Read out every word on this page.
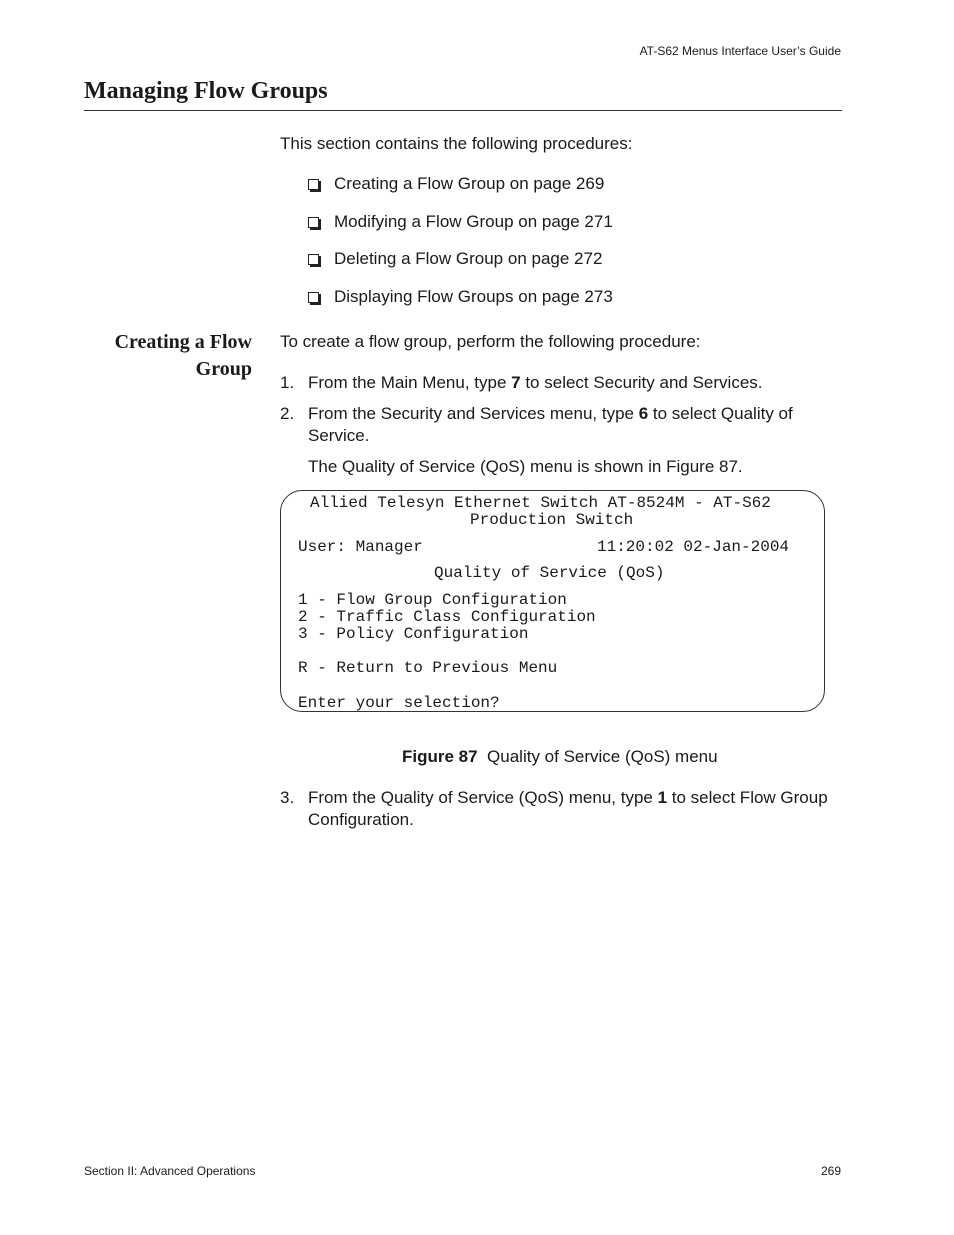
AT-S62 Menus Interface User’s Guide
Managing Flow Groups
This section contains the following procedures:
Creating a Flow Group on page 269
Modifying a Flow Group on page 271
Deleting a Flow Group on page 272
Displaying Flow Groups on page 273
Creating a Flow
Group
To create a flow group, perform the following procedure:
1. From the Main Menu, type 7 to select Security and Services.
2. From the Security and Services menu, type 6 to select Quality of Service.
The Quality of Service (QoS) menu is shown in Figure 87.
Allied Telesyn Ethernet Switch AT-8524M - AT-S62
Production Switch
User: Manager	11:20:02 02-Jan-2004
Quality of Service (QoS)
1 - Flow Group Configuration
2 - Traffic Class Configuration
3 - Policy Configuration
R - Return to Previous Menu
Enter your selection?
Figure 87 Quality of Service (QoS) menu
3. From the Quality of Service (QoS) menu, type 1 to select Flow Group Configuration.
Section II: Advanced Operations	269
